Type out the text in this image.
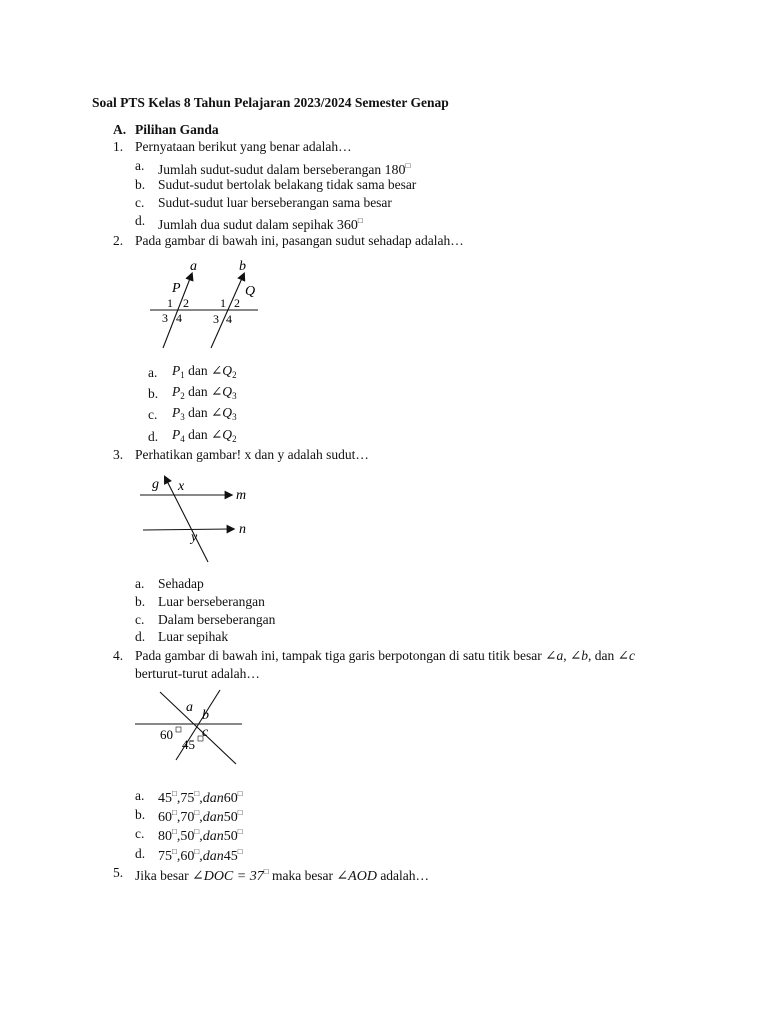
Soal PTS Kelas 8 Tahun Pelajaran 2023/2024 Semester Genap
A. Pilihan Ganda
1. Pernyataan berikut yang benar adalah…
a. Jumlah sudut-sudut dalam berseberangan 180□
b. Sudut-sudut bertolak belakang tidak sama besar
c. Sudut-sudut luar berseberangan sama besar
d. Jumlah dua sudut dalam sepihak 360□
2. Pada gambar di bawah ini, pasangan sudut sehadap adalah…
a	b
P	Q
1 2
3 4
1 2
3 4
a. $P_1$ dan $\angle Q_2$
b. $P_2$ dan $\angle Q_3$
c. $P_3$ dan $\angle Q_3$
d. $P_4$ dan $\angle Q_2$
3. Perhatikan gambar! x dan y adalah sudut…
g x
m
n
y
a. Sehadap
b. Luar berseberangan
c. Dalam berseberangan
d. Luar sepihak
4. Pada gambar di bawah ini, tampak tiga garis berpotongan di satu titik besar ∠a, ∠b, dan ∠c
berturut-turut adalah…
a
b
c
60
45
a. 45□,75□,dan60□
b. 60□,70□,dan50□
c. 80□,50□,dan50□
d. 75□,60□,dan45□
5. Jika besar ∠DOC = 37□ maka besar ∠AOD adalah…
